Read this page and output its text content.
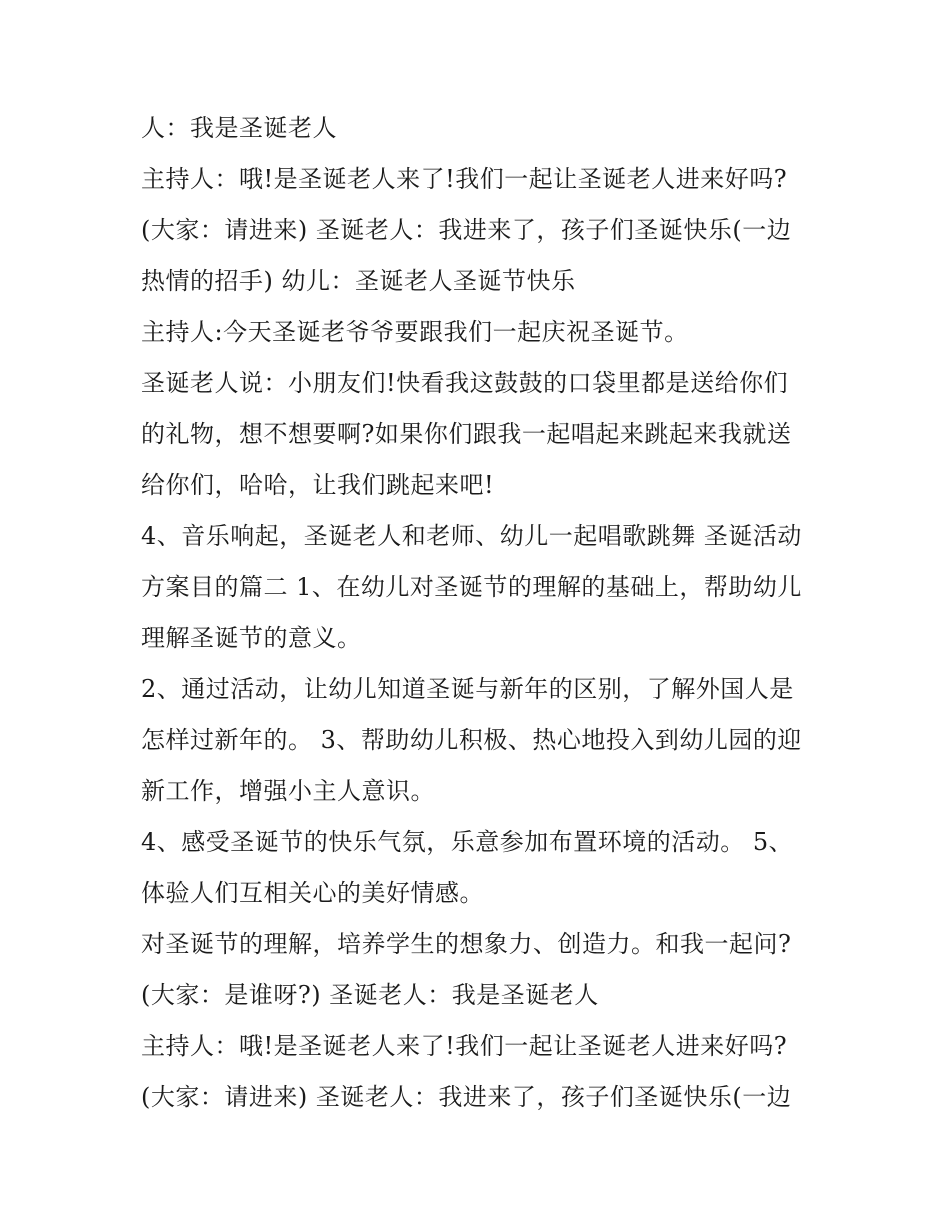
人：我是圣诞老人
主持人：哦!是圣诞老人来了!我们一起让圣诞老人进来好吗?
(大家：请进来) 圣诞老人：我进来了，孩子们圣诞快乐(一边
热情的招手) 幼儿：圣诞老人圣诞节快乐
主持人:今天圣诞老爷爷要跟我们一起庆祝圣诞节。
圣诞老人说：小朋友们!快看我这鼓鼓的口袋里都是送给你们
的礼物，想不想要啊?如果你们跟我一起唱起来跳起来我就送
给你们，哈哈，让我们跳起来吧!
4、音乐响起，圣诞老人和老师、幼儿一起唱歌跳舞 圣诞活动
方案目的篇二 1、在幼儿对圣诞节的理解的基础上，帮助幼儿
理解圣诞节的意义。
2、通过活动，让幼儿知道圣诞与新年的区别，了解外国人是
怎样过新年的。 3、帮助幼儿积极、热心地投入到幼儿园的迎
新工作，增强小主人意识。
4、感受圣诞节的快乐气氛，乐意参加布置环境的活动。 5、
体验人们互相关心的美好情感。
对圣诞节的理解，培养学生的想象力、创造力。和我一起问?
(大家：是谁呀?) 圣诞老人：我是圣诞老人
主持人：哦!是圣诞老人来了!我们一起让圣诞老人进来好吗?
(大家：请进来) 圣诞老人：我进来了，孩子们圣诞快乐(一边
